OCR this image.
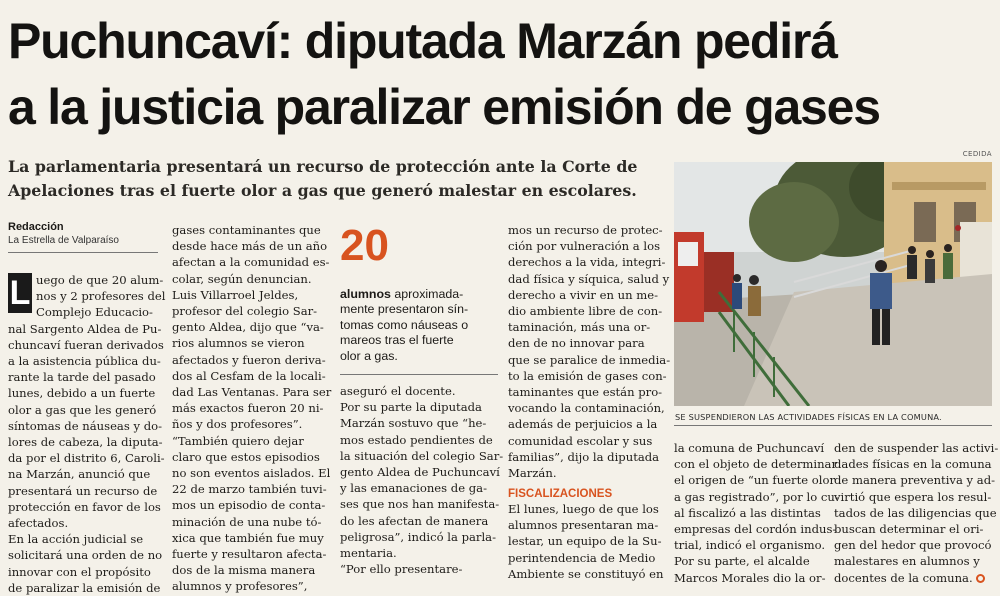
Puchuncaví: diputada Marzán pedirá
a la justicia paralizar emisión de gases

La parlamentaria presentará un recurso de protección ante la Corte de

Apelaciones tras el fuerte olor a gas que generó malestar en escolares.

CEDIDA
Redacción
La Estrella de Valparaíso
L uego de que 20 alum-
nos y 2 profesores del
Complejo Educacio-
nal Sargento Aldea de Pu-
chuncaví fueran derivados
a la asistencia pública du-
rante la tarde del pasado
lunes, debido a un fuerte
olor a gas que les generó
síntomas de náuseas y do-
lores de cabeza, la diputa-
da por el distrito 6, Caroli-
na Marzán, anunció que
presentará un recurso de
protección en favor de los
afectados.
En la acción judicial se
solicitará una orden de no
innovar con el propósito
de paralizar la emisión de
gases contaminantes que
desde hace más de un año
afectan a la comunidad es-
colar, según denuncian.
Luis Villarroel Jeldes,
profesor del colegio Sar-
gento Aldea, dijo que “va-
rios alumnos se vieron
afectados y fueron deriva-
dos al Cesfam de la locali-
dad Las Ventanas. Para ser
más exactos fueron 20 ni-
ños y dos profesores”.
“También quiero dejar
claro que estos episodios
no son eventos aislados. El
22 de marzo también tuvi-
mos un episodio de conta-
minación de una nube tó-
xica que también fue muy
fuerte y resultaron afecta-
dos de la misma manera
alumnos y profesores”,
20
alumnos aproximada-
mente presentaron sín-
tomas como náuseas o
mareos tras el fuerte
olor a gas.
aseguró el docente.
Por su parte la diputada
Marzán sostuvo que “he-
mos estado pendientes de
la situación del colegio Sar-
gento Aldea de Puchuncaví
y las emanaciones de ga-
ses que nos han manifesta-
do les afectan de manera
peligrosa”, indicó la parla-
mentaria.
“Por ello presentare-
mos un recurso de protec-
ción por vulneración a los
derechos a la vida, integri-
dad física y síquica, salud y
derecho a vivir en un me-
dio ambiente libre de con-
taminación, más una or-
den de no innovar para
que se paralice de inmedia-
to la emisión de gases con-
taminantes que están pro-
vocando la contaminación,
además de perjuicios a la
comunidad escolar y sus
familias”, dijo la diputada
Marzán.
FISCALIZACIONES
El lunes, luego de que los
alumnos presentaran ma-
lestar, un equipo de la Su-
perintendencia de Medio
Ambiente se constituyó en
SE SUSPENDIERON LAS ACTIVIDADES FÍSICAS EN LA COMUNA.
la comuna de Puchuncaví
con el objeto de determinar
el origen de “un fuerte olor
a gas registrado”, por lo cu-
al fiscalizó a las distintas
empresas del cordón indus-
trial, indicó el organismo.
Por su parte, el alcalde
Marcos Morales dio la or-
den de suspender las activi-
dades físicas en la comuna
de manera preventiva y ad-
virtió que espera los resul-
tados de las diligencias que
buscan determinar el ori-
gen del hedor que provocó
malestares en alumnos y
docentes de la comuna.
